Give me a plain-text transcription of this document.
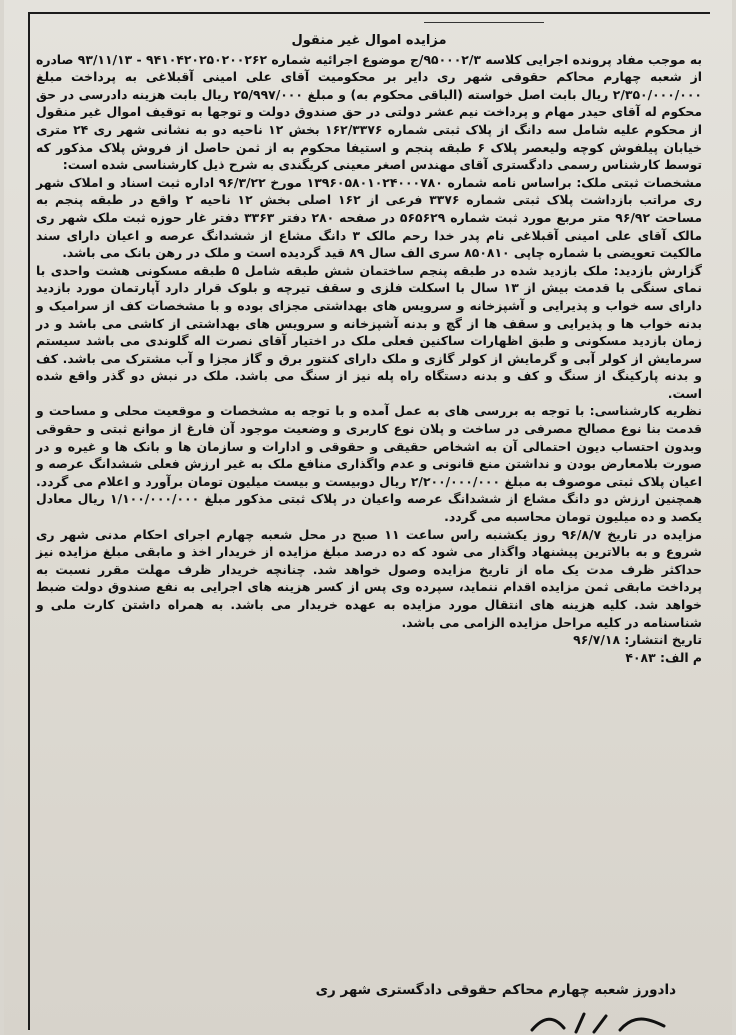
مزایده اموال غیر منقول

به موجب مفاد پرونده اجرایی کلاسه ۹۵۰۰۰۲/۳/ج موضوع اجرائیه شماره ۹۴۱۰۴۲۰۲۵۰۲۰۰۲۶۲ - ۹۳/۱۱/۱۳ صادره از شعبه چهارم محاکم حقوقی شهر ری دایر بر محکومیت آقای علی امینی آقبلاغی به پرداخت مبلغ ۲/۳۵۰/۰۰۰/۰۰۰ ریال بابت اصل خواسته (الباقی محکوم به) و مبلغ ۲۵/۹۹۷/۰۰۰ ریال بابت هزینه دادرسی در حق محکوم له آقای حیدر مهام و پرداخت نیم عشر دولتی در حق صندوق دولت و توجها به توقیف اموال غیر منقول از محکوم علیه شامل سه دانگ از پلاک ثبتی شماره ۱۶۲/۳۳۷۶ بخش ۱۲ ناحیه دو به نشانی شهر ری ۲۴ متری خیابان پیلفوش کوچه ولیعصر پلاک ۶ طبقه پنجم و استیفا محکوم به از ثمن حاصل از فروش پلاک مذکور که توسط کارشناس رسمی دادگستری آقای مهندس اصغر معینی کریگندی به شرح ذیل کارشناسی شده است:

مشخصات ثبتی ملک: براساس نامه شماره ۱۳۹۶۰۵۸۰۱۰۲۴۰۰۰۷۸۰ مورخ ۹۶/۳/۲۲ اداره ثبت اسناد و املاک شهر ری مراتب بازداشت پلاک ثبتی شماره ۳۳۷۶ فرعی از ۱۶۲ اصلی بخش ۱۲ ناحیه ۲ واقع در طبقه پنجم به مساحت ۹۶/۹۲ متر مربع مورد ثبت شماره ۵۶۵۶۲۹ در صفحه ۲۸۰ دفتر ۳۳۶۳ دفتر غار حوزه ثبت ملک شهر ری مالک آقای علی امینی آقبلاغی نام پدر خدا رحم مالک ۳ دانگ مشاع از ششدانگ عرصه و اعیان دارای سند مالکیت تعویضی با شماره چاپی ۸۵۰۸۱۰ سری الف سال ۸۹ قید گردیده است و ملک در رهن بانک می باشد.

گزارش بازدید: ملک بازدید شده در طبقه پنجم ساختمان شش طبقه شامل ۵ طبقه مسکونی هشت واحدی با نمای سنگی با قدمت بیش از ۱۳ سال با اسکلت فلزی و سقف تیرچه و بلوک قرار دارد آپارتمان مورد بازدید دارای سه خواب و پذیرایی و آشپزخانه و سرویس های بهداشتی مجزای بوده و با مشخصات کف از سرامیک و بدنه خواب ها و پذیرایی و سقف ها از گچ و بدنه آشپزخانه و سرویس های بهداشتی از کاشی می باشد و در زمان بازدید مسکونی و طبق اظهارات ساکنین فعلی ملک در اختیار آقای نصرت اله گلوندی می باشد سیستم سرمایش از کولر آبی و گرمایش از کولر گازی و ملک دارای کنتور برق و گاز مجزا و آب مشترک می باشد. کف و بدنه پارکینگ از سنگ و کف و بدنه دستگاه راه پله نیز از سنگ می باشد. ملک در نبش دو گذر واقع شده است.

نظریه کارشناسی: با توجه به بررسی های به عمل آمده و با توجه به مشخصات و موقعیت محلی و مساحت و قدمت بنا نوع مصالح مصرفی در ساخت و پلان نوع کاربری و وضعیت موجود آن فارغ از موانع ثبتی و حقوقی وبدون احتساب دیون احتمالی آن به اشخاص حقیقی و حقوقی و ادارات و سازمان ها و بانک ها و غیره و در صورت بلامعارض بودن و نداشتن منع قانونی و عدم واگذاری منافع ملک به غیر ارزش فعلی ششدانگ عرصه و اعیان پلاک ثبتی موصوف به مبلغ ۲/۲۰۰/۰۰۰/۰۰۰ ریال دوبیست و بیست میلیون تومان برآورد و اعلام می گردد. همچنین ارزش دو دانگ مشاع از ششدانگ عرصه واعیان در پلاک ثبتی مذکور مبلغ ۱/۱۰۰/۰۰۰/۰۰۰ ریال معادل یکصد و ده میلیون تومان محاسبه می گردد.

مزایده در تاریخ ۹۶/۸/۷ روز یکشنبه راس ساعت ۱۱ صبح در محل شعبه چهارم اجرای احکام مدنی شهر ری شروع و به بالاترین پیشنهاد واگذار می شود که ده درصد مبلغ مزایده از خریدار اخذ و مابقی مبلغ مزایده نیز حداکثر ظرف مدت یک ماه از تاریخ مزایده وصول خواهد شد. چنانچه خریدار ظرف مهلت مقرر نسبت به پرداخت مابقی ثمن مزایده اقدام ننماید، سپرده وی پس از کسر هزینه های اجرایی به نفع صندوق دولت ضبط خواهد شد. کلیه هزینه های انتقال مورد مزایده به عهده خریدار می باشد. به همراه داشتن کارت ملی و شناسنامه در کلیه مراحل مزایده الزامی می باشد.

تاریخ انتشار: ۹۶/۷/۱۸

م الف: ۴۰۸۳

دادورز شعبه چهارم محاکم حقوقی دادگستری شهر ری
